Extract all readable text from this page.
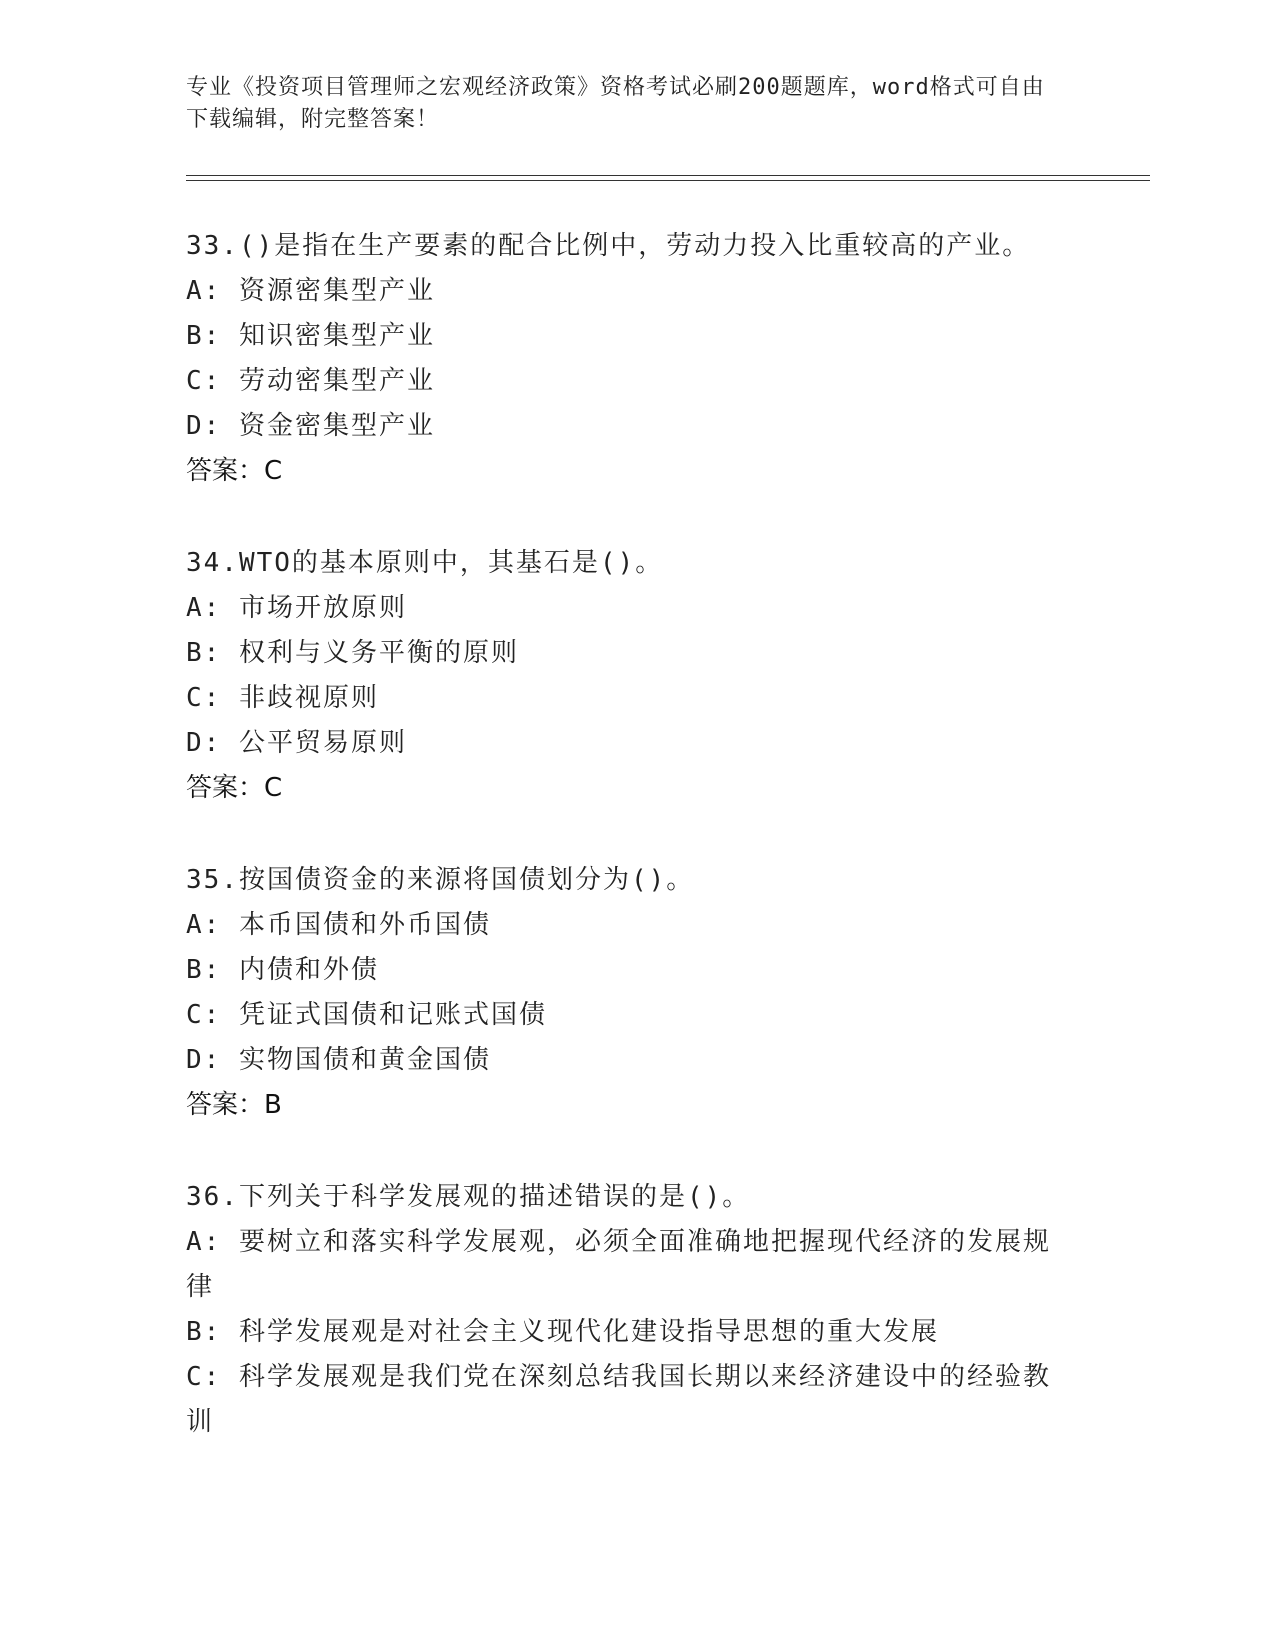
专业《投资项目管理师之宏观经济政策》资格考试必刷200题题库，word格式可自由下载编辑，附完整答案！
33.()是指在生产要素的配合比例中，劳动力投入比重较高的产业。
A: 资源密集型产业
B: 知识密集型产业
C: 劳动密集型产业
D: 资金密集型产业
答案：C
34.WTO的基本原则中，其基石是()。
A: 市场开放原则
B: 权利与义务平衡的原则
C: 非歧视原则
D: 公平贸易原则
答案：C
35.按国债资金的来源将国债划分为()。
A: 本币国债和外币国债
B: 内债和外债
C: 凭证式国债和记账式国债
D: 实物国债和黄金国债
答案：B
36.下列关于科学发展观的描述错误的是()。
A: 要树立和落实科学发展观，必须全面准确地把握现代经济的发展规律
B: 科学发展观是对社会主义现代化建设指导思想的重大发展
C: 科学发展观是我们党在深刻总结我国长期以来经济建设中的经验教训
